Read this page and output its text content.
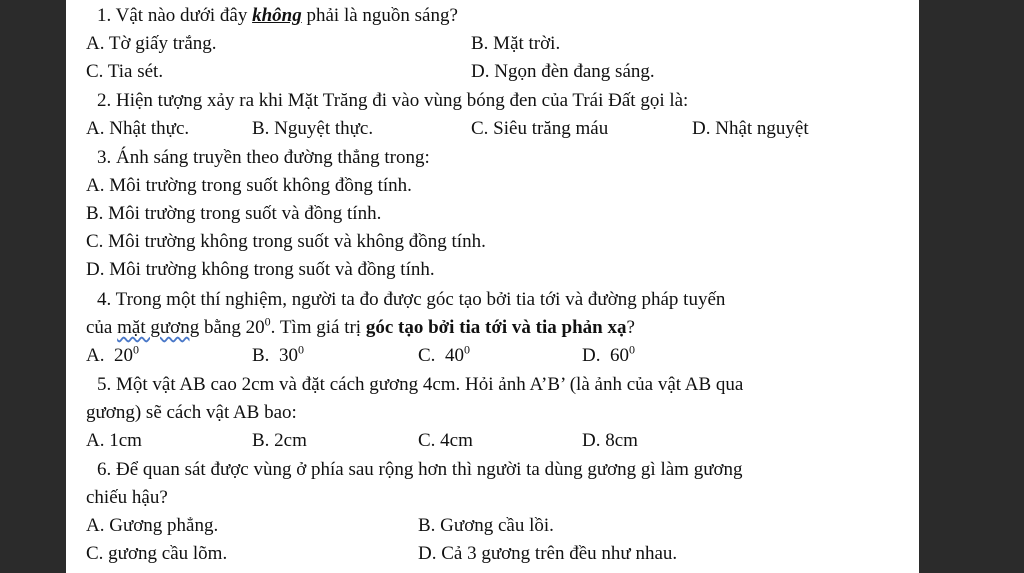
1. Vật nào dưới đây không phải là nguồn sáng?
A. Tờ giấy trắng.	B. Mặt trời.
C. Tia sét.	D. Ngọn đèn đang sáng.
2. Hiện tượng xảy ra khi Mặt Trăng đi vào vùng bóng đen của Trái Đất gọi là:
A. Nhật thực.	B. Nguyệt thực.	C. Siêu trăng máu	D. Nhật nguyệt
3. Ánh sáng truyền theo đường thẳng trong:
A. Môi trường trong suốt không đồng tính.
B. Môi trường trong suốt và đồng tính.
C. Môi trường không trong suốt và không đồng tính.
D. Môi trường không trong suốt và đồng tính.
4. Trong một thí nghiệm, người ta đo được góc tạo bởi tia tới và đường pháp tuyến
của mặt gương bằng $20^0$. Tìm giá trị góc tạo bởi tia tới và tia phản xạ?
A. $20^0$	B. $30^0$	C. $40^0$	D. $60^0$
5. Một vật AB cao 2cm và đặt cách gương 4cm. Hỏi ảnh A’B’ (là ảnh của vật AB qua
gương) sẽ cách vật AB bao:
A. 1cm	B. 2cm	C. 4cm	D. 8cm
6. Để quan sát được vùng ở phía sau rộng hơn thì người ta dùng gương gì làm gương
chiếu hậu?
A. Gương phẳng.	B. Gương cầu lồi.
C. gương cầu lõm.	D. Cả 3 gương trên đều như nhau.
